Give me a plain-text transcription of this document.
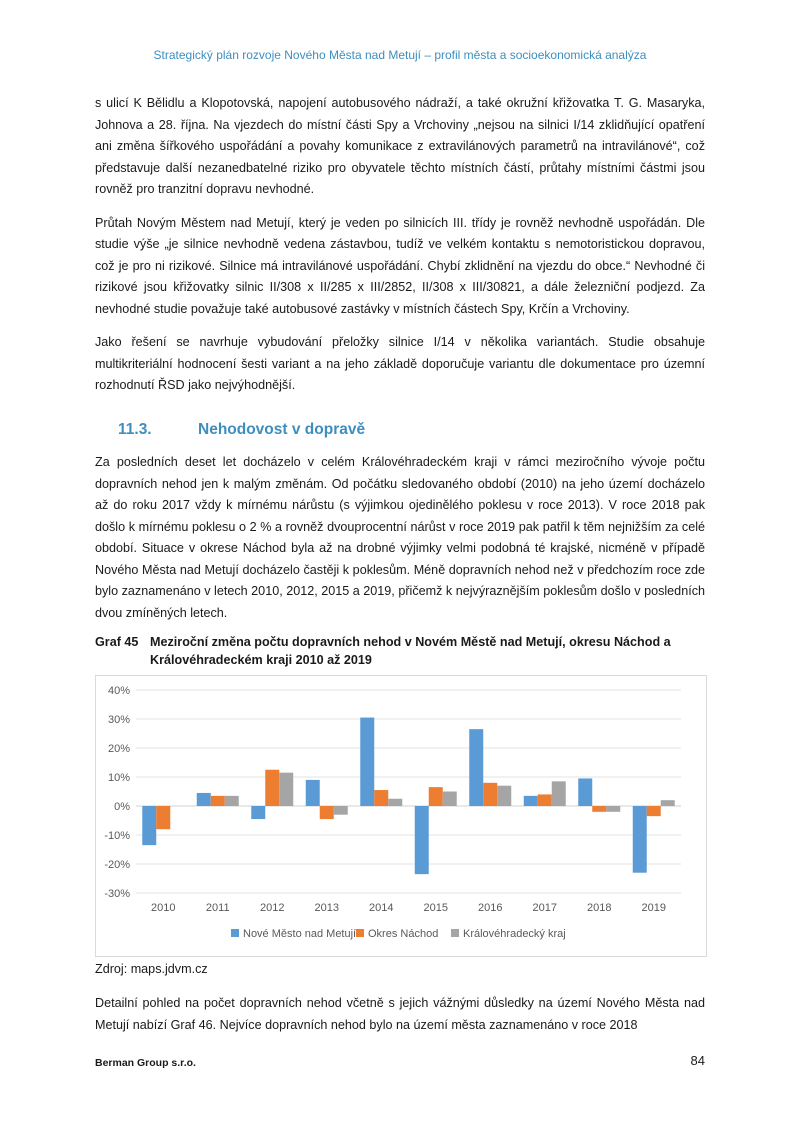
Strategický plán rozvoje Nového Města nad Metují – profil města a socioekonomická analýza

s ulicí K Bělidlu a Klopotovská, napojení autobusového nádraží, a také okružní křižovatka T. G. Masaryka, Johnova a 28. října. Na vjezdech do místní části Spy a Vrchoviny „nejsou na silnici I/14 zklidňující opatření ani změna šířkového uspořádání a povahy komunikace z extravilánových parametrů na intravilánové“, což představuje další nezanedbatelné riziko pro obyvatele těchto místních částí, průtahy místními částmi jsou rovněž pro tranzitní dopravu nevhodné.

Průtah Novým Městem nad Metují, který je veden po silnicích III. třídy je rovněž nevhodně uspořádán. Dle studie výše „je silnice nevhodně vedena zástavbou, tudíž ve velkém kontaktu s nemotoristickou dopravou, což je pro ni rizikové. Silnice má intravilánové uspořádání. Chybí zklidnění na vjezdu do obce.“ Nevhodné či rizikové jsou křižovatky silnic II/308 x II/285 x III/2852, II/308 x III/30821, a dále železniční podjezd. Za nevhodné studie považuje také autobusové zastávky v místních částech Spy, Krčín a Vrchoviny.

Jako řešení se navrhuje vybudování přeložky silnice I/14 v několika variantách. Studie obsahuje multikriteriální hodnocení šesti variant a na jeho základě doporučuje variantu dle dokumentace pro územní rozhodnutí ŘSD jako nejvýhodnější.

11.3.	Nehodovost v dopravě

Za posledních deset let docházelo v celém Královéhradeckém kraji v rámci meziročního vývoje počtu dopravních nehod jen k malým změnám. Od počátku sledovaného období (2010) na jeho území docházelo až do roku 2017 vždy k mírnému nárůstu (s výjimkou ojedinělého poklesu v roce 2013). V roce 2018 pak došlo k mírnému poklesu o 2 % a rovněž dvouprocentní nárůst v roce 2019 pak patřil k těm nejnižším za celé období. Situace v okrese Náchod byla až na drobné výjimky velmi podobná té krajské, nicméně v případě Nového Města nad Metují docházelo častěji k poklesům. Méně dopravních nehod než v předchozím roce zde bylo zaznamenáno v letech 2010, 2012, 2015 a 2019, přičemž k nejvýraznějším poklesům došlo v posledních dvou zmíněných letech.

Graf 45 Meziroční změna počtu dopravních nehod v Novém Městě nad Metují, okresu Náchod a Královéhradeckém kraji 2010 až 2019
40%
30%
20%
10%
0%
-10%
-20%
-30%
2010	2011	2012	2013	2014	2015	2016	2017	2018	2019
Nové Město nad Metují Okres Náchod Královéhradecký kraj
Zdroj: maps.jdvm.cz

Detailní pohled na počet dopravních nehod včetně s jejich vážnými důsledky na území Nového Města nad Metují nabízí Graf 46. Nejvíce dopravních nehod bylo na území města zaznamenáno v roce 2018

Berman Group s.r.o.	84
